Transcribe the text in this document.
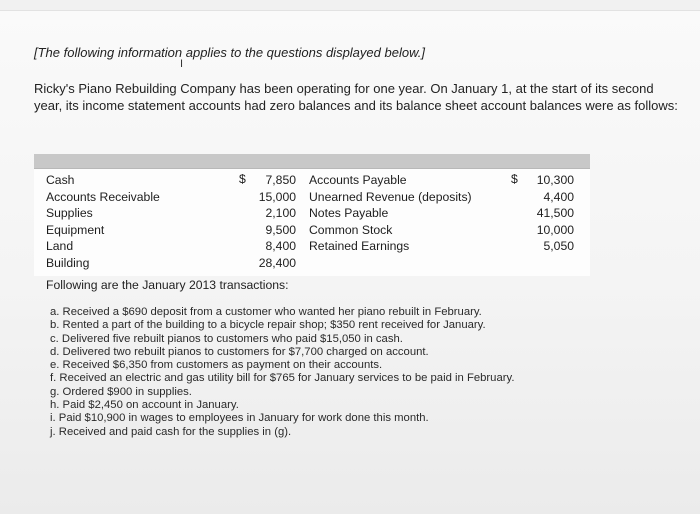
[The following information applies to the questions displayed below.]
I
Ricky's Piano Rebuilding Company has been operating for one year. On January 1, at the start of its second year, its income statement accounts had zero balances and its balance sheet account balances were as follows:
$	$
Cash
Accounts Receivable
Supplies
Equipment
Land
Building
7,850
15,000
2,100
9,500
8,400
28,400
Accounts Payable
Unearned Revenue (deposits)
Notes Payable
Common Stock
Retained Earnings
10,300
4,400
41,500
10,000
5,050
Following are the January 2013 transactions:
a. Received a $690 deposit from a customer who wanted her piano rebuilt in February.
b. Rented a part of the building to a bicycle repair shop; $350 rent received for January.
c. Delivered five rebuilt pianos to customers who paid $15,050 in cash.
d. Delivered two rebuilt pianos to customers for $7,700 charged on account.
e. Received $6,350 from customers as payment on their accounts.
f. Received an electric and gas utility bill for $765 for January services to be paid in February.
g. Ordered $900 in supplies.
h. Paid $2,450 on account in January.
i. Paid $10,900 in wages to employees in January for work done this month.
j. Received and paid cash for the supplies in (g).
